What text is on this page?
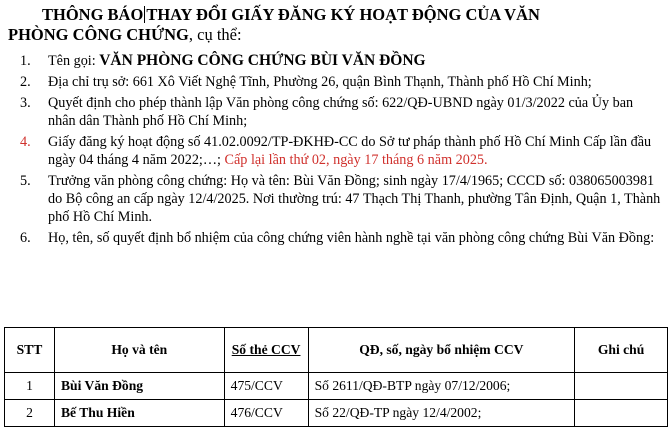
THÔNG BÁO THAY ĐỔI GIẤY ĐĂNG KÝ HOẠT ĐỘNG CỦA VĂN
PHÒNG CÔNG CHỨNG, cụ thể:
1. Tên gọi: VĂN PHÒNG CÔNG CHỨNG BÙI VĂN ĐỒNG
2. Địa chỉ trụ sở: 661 Xô Viết Nghệ Tĩnh, Phường 26, quận Bình Thạnh, Thành phố Hồ Chí Minh;
3. Quyết định cho phép thành lập Văn phòng công chứng số: 622/QĐ-UBND ngày 01/3/2022 của Ủy ban nhân dân Thành phố Hồ Chí Minh;
4. Giấy đăng ký hoạt động số 41.02.0092/TP-ĐKHĐ-CC do Sở tư pháp thành phố Hồ Chí Minh Cấp lần đầu ngày 04 tháng 4 năm 2022;…; Cấp lại lần thứ 02, ngày 17 tháng 6 năm 2025.
5. Trưởng văn phòng công chứng: Họ và tên: Bùi Văn Đồng; sinh ngày 17/4/1965; CCCD số: 038065003981 do Bộ công an cấp ngày 12/4/2025. Nơi thường trú: 47 Thạch Thị Thanh, phường Tân Định, Quận 1, Thành phố Hồ Chí Minh.
6. Họ, tên, số quyết định bổ nhiệm của công chứng viên hành nghề tại văn phòng công chứng Bùi Văn Đồng:
STT	Họ và tên	Số thẻ CCV	QĐ, số, ngày bổ nhiệm CCV	Ghi chú
1	Bùi Văn Đồng	475/CCV	Số 2611/QĐ-BTP ngày 07/12/2006;	
2	Bế Thu Hiền	476/CCV	Số 22/QĐ-TP ngày 12/4/2002;	
